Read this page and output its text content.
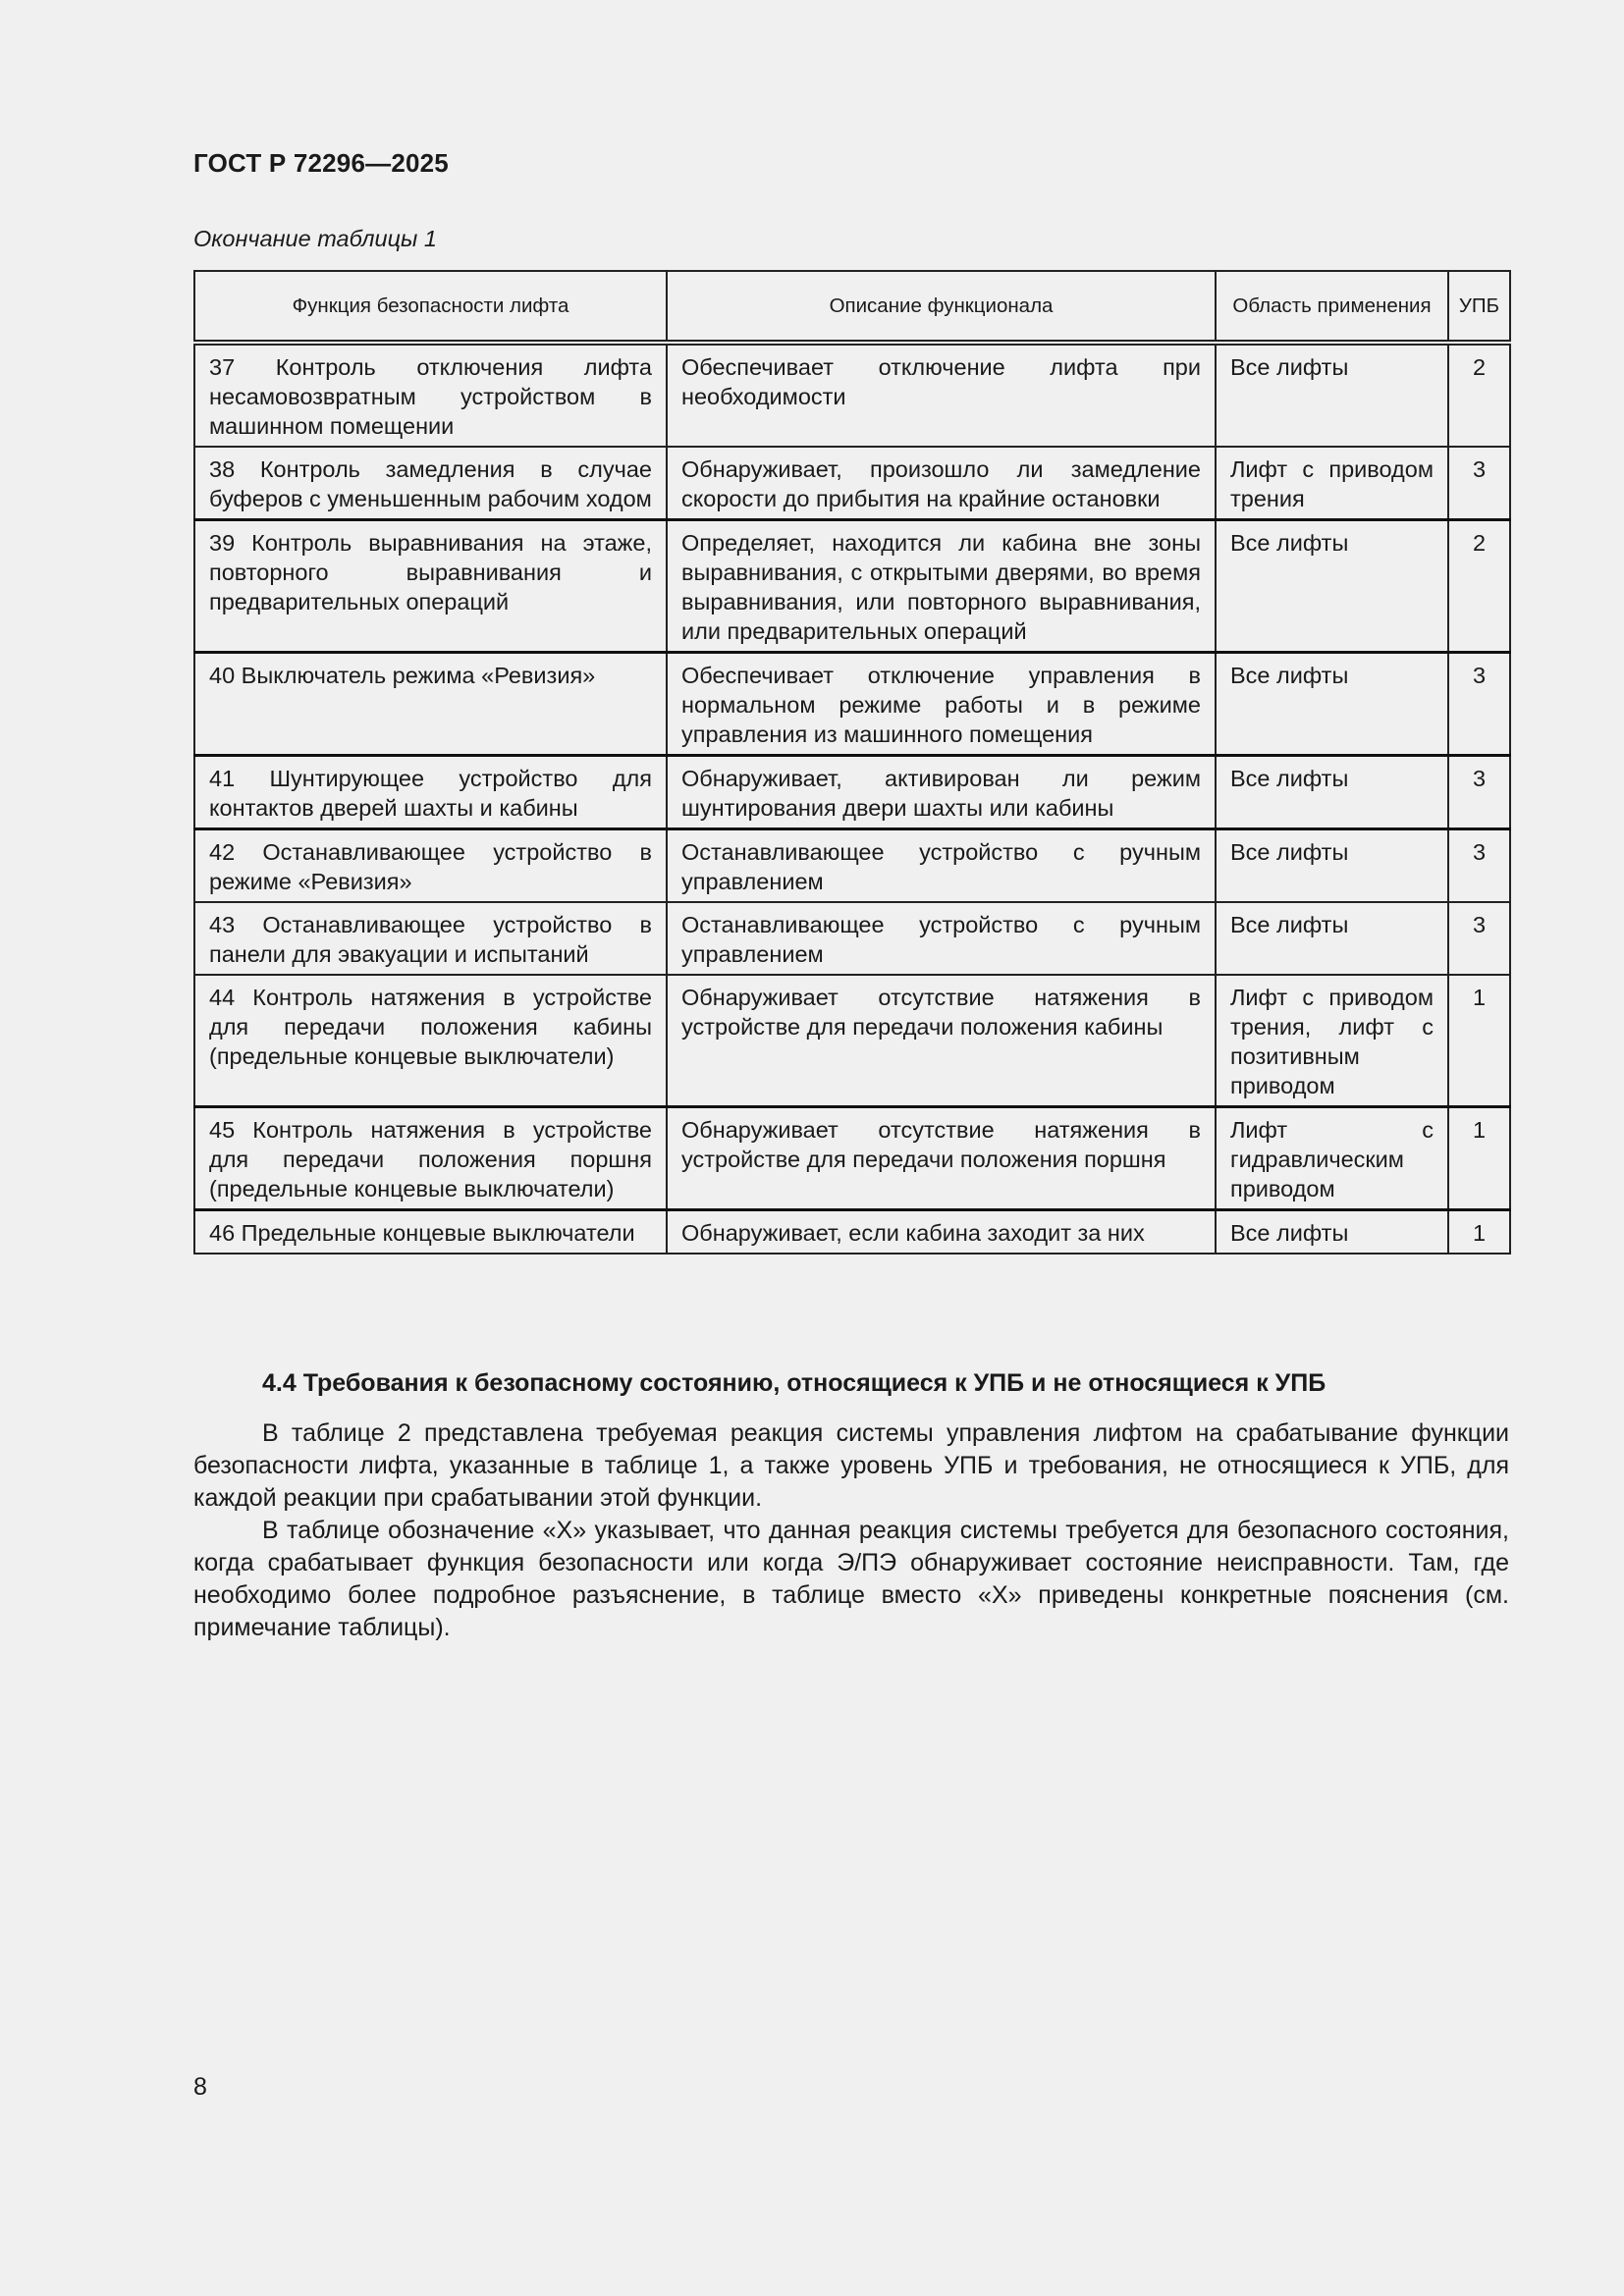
ГОСТ Р 72296—2025
Окончание таблицы 1
Функция безопасности лифта	Описание функционала	Область применения	УПБ
37 Контроль отключения лифта несамовозвратным устройством в машинном помещении	Обеспечивает отключение лифта при необходимости	Все лифты	2
38 Контроль замедления в случае буферов с уменьшенным рабочим ходом	Обнаруживает, произошло ли замедление скорости до прибытия на крайние остановки	Лифт с приводом трения	3
39 Контроль выравнивания на этаже, повторного выравнивания и предварительных операций	Определяет, находится ли кабина вне зоны выравнивания, с открытыми дверями, во время выравнивания, или повторного выравнивания, или предварительных операций	Все лифты	2
40 Выключатель режима «Ревизия»	Обеспечивает отключение управления в нормальном режиме работы и в режиме управления из машинного помещения	Все лифты	3
41 Шунтирующее устройство для контактов дверей шахты и кабины	Обнаруживает, активирован ли режим шунтирования двери шахты или кабины	Все лифты	3
42 Останавливающее устройство в режиме «Ревизия»	Останавливающее устройство с ручным управлением	Все лифты	3
43 Останавливающее устройство в панели для эвакуации и испытаний	Останавливающее устройство с ручным управлением	Все лифты	3
44 Контроль натяжения в устройстве для передачи положения кабины (предельные концевые выключатели)	Обнаруживает отсутствие натяжения в устройстве для передачи положения кабины	Лифт с приводом трения, лифт с позитивным приводом	1
45 Контроль натяжения в устройстве для передачи положения поршня (предельные концевые выключатели)	Обнаруживает отсутствие натяжения в устройстве для передачи положения поршня	Лифт с гидравлическим приводом	1
46 Предельные концевые выключатели	Обнаруживает, если кабина заходит за них	Все лифты	1
4.4 Требования к безопасному состоянию, относящиеся к УПБ и не относящиеся к УПБ

В таблице 2 представлена требуемая реакция системы управления лифтом на срабатывание функции безопасности лифта, указанные в таблице 1, а также уровень УПБ и требования, не относящиеся к УПБ, для каждой реакции при срабатывании этой функции.

В таблице обозначение «Х» указывает, что данная реакция системы требуется для безопасного состояния, когда срабатывает функция безопасности или когда Э/ПЭ обнаруживает состояние неисправности. Там, где необходимо более подробное разъяснение, в таблице вместо «Х» приведены конкретные пояснения (см. примечание таблицы).

8
